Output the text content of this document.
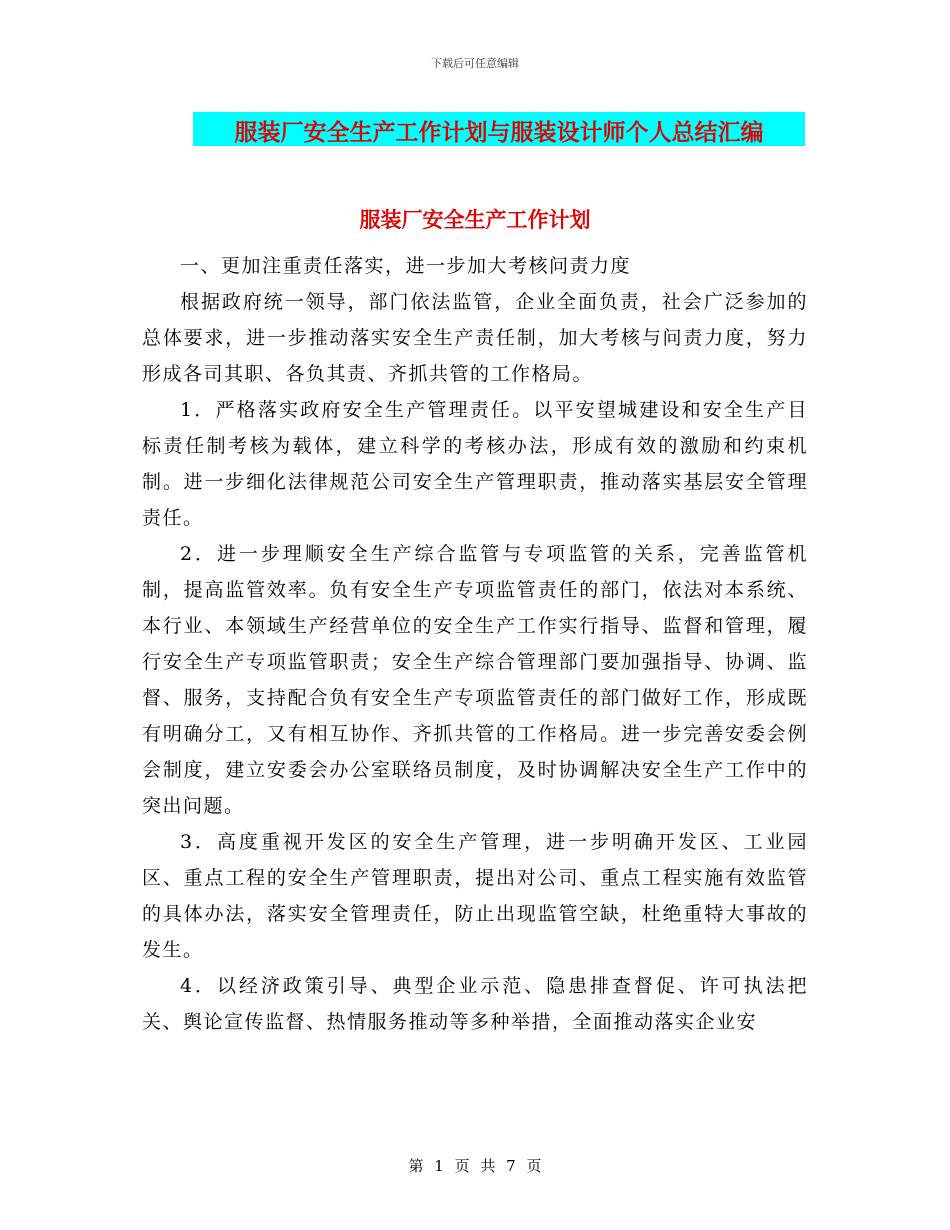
下载后可任意编辑
服装厂安全生产工作计划与服装设计师个人总结汇编
服装厂安全生产工作计划

一、更加注重责任落实，进一步加大考核问责力度

根据政府统一领导，部门依法监管，企业全面负责，社会广泛参加的总体要求，进一步推动落实安全生产责任制，加大考核与问责力度，努力形成各司其职、各负其责、齐抓共管的工作格局。

1．严格落实政府安全生产管理责任。以平安望城建设和安全生产目标责任制考核为载体，建立科学的考核办法，形成有效的激励和约束机制。进一步细化法律规范公司安全生产管理职责，推动落实基层安全管理责任。

2．进一步理顺安全生产综合监管与专项监管的关系，完善监管机制，提高监管效率。负有安全生产专项监管责任的部门，依法对本系统、本行业、本领域生产经营单位的安全生产工作实行指导、监督和管理，履行安全生产专项监管职责；安全生产综合管理部门要加强指导、协调、监督、服务，支持配合负有安全生产专项监管责任的部门做好工作，形成既有明确分工，又有相互协作、齐抓共管的工作格局。进一步完善安委会例会制度，建立安委会办公室联络员制度，及时协调解决安全生产工作中的突出问题。

3．高度重视开发区的安全生产管理，进一步明确开发区、工业园区、重点工程的安全生产管理职责，提出对公司、重点工程实施有效监管的具体办法，落实安全管理责任，防止出现监管空缺，杜绝重特大事故的发生。

4．以经济政策引导、典型企业示范、隐患排查督促、许可执法把关、舆论宣传监督、热情服务推动等多种举措，全面推动落实企业安

第 1 页 共 7 页
